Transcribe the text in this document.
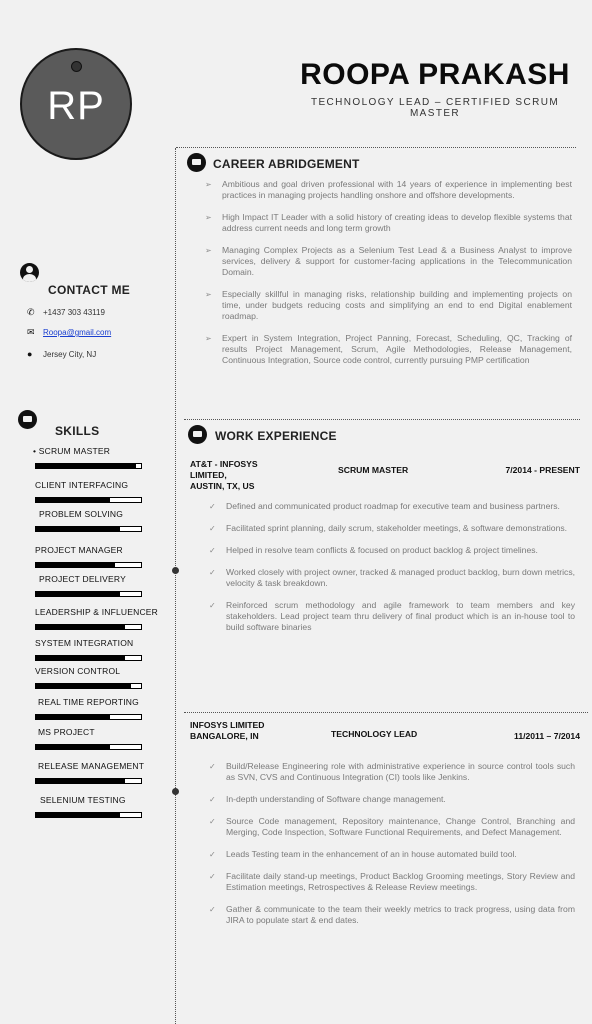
RP
ROOPA PRAKASH
TECHNOLOGY LEAD – CERTIFIED SCRUM MASTER
CONTACT ME
✆	+1437 303 43119
✉	Roopa@gmail.com
●	Jersey City, NJ
SKILLS
• SCRUM MASTER
CLIENT INTERFACING
PROBLEM SOLVING
PROJECT MANAGER
PROJECT DELIVERY
LEADERSHIP & INFLUENCER
SYSTEM INTEGRATION
VERSION CONTROL
REAL TIME REPORTING
MS PROJECT
RELEASE MANAGEMENT
SELENIUM TESTING
CAREER ABRIDGEMENT
➢ Ambitious and goal driven professional with 14 years of experience in implementing best practices in managing projects handling onshore and offshore developments.
➢ High Impact IT Leader with a solid history of creating ideas to develop flexible systems that address current needs and long term growth
➢ Managing Complex Projects as a Selenium Test Lead & a Business Analyst to improve services, delivery & support for customer-facing applications in the Telecommunication Domain.
➢ Especially skillful in managing risks, relationship building and implementing projects on time, under budgets reducing costs and simplifying an end to end Digital enablement roadmap.
➢ Expert in System Integration, Project Panning, Forecast, Scheduling, QC, Tracking of results Project Management, Scrum, Agile Methodologies, Release Management, Continuous Integration, Source code control, currently pursuing PMP certification
WORK EXPERIENCE
AT&T - INFOSYS LIMITED,
AUSTIN, TX, US
SCRUM MASTER	7/2014 - PRESENT
✓ Defined and communicated product roadmap for executive team and business partners.
✓ Facilitated sprint planning, daily scrum, stakeholder meetings, & software demonstrations.
✓ Helped in resolve team conflicts & focused on product backlog & project timelines.
✓ Worked closely with project owner, tracked & managed product backlog, burn down metrics, velocity & task breakdown.
✓ Reinforced scrum methodology and agile framework to team members and key stakeholders. Lead project team thru delivery of final product which is an in-house tool to build software binaries
INFOSYS LIMITED
BANGALORE, IN	TECHNOLOGY LEAD	11/2011 – 7/2014
✓ Build/Release Engineering role with administrative experience in source control tools such as SVN, CVS and Continuous Integration (CI) tools like Jenkins.
✓ In-depth understanding of Software change management.
✓ Source Code management, Repository maintenance, Change Control, Branching and Merging, Code Inspection, Software Functional Requirements, and Defect Management.
✓ Leads Testing team in the enhancement of an in house automated build tool.
✓ Facilitate daily stand-up meetings, Product Backlog Grooming meetings, Story Review and Estimation meetings, Retrospectives & Release Review meetings.
✓ Gather & communicate to the team their weekly metrics to track progress, using data from JIRA to populate start & end dates.
